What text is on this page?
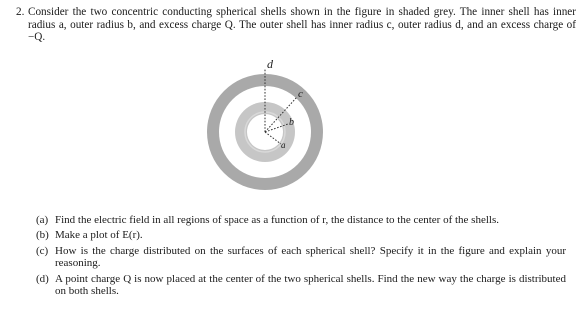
2. Consider the two concentric conducting spherical shells shown in the figure in shaded grey. The inner shell has inner radius a, outer radius b, and excess charge Q. The outer shell has inner radius c, outer radius d, and an excess charge of −Q.
d
c
b
a
(a) Find the electric field in all regions of space as a function of r, the distance to the center of the shells.
(b) Make a plot of E(r).
(c) How is the charge distributed on the surfaces of each spherical shell? Specify it in the figure and explain your reasoning.
(d) A point charge Q is now placed at the center of the two spherical shells. Find the new way the charge is distributed on both shells.
